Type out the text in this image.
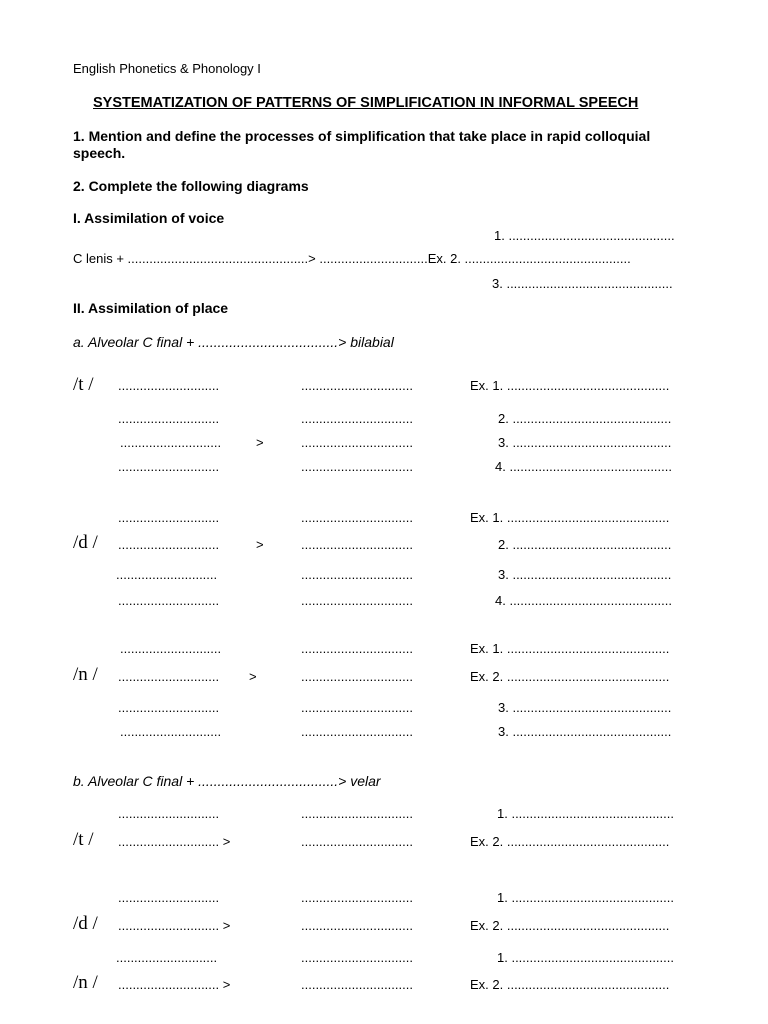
English Phonetics & Phonology I
SYSTEMATIZATION OF PATTERNS OF SIMPLIFICATION IN INFORMAL SPEECH
1. Mention and define the processes of simplification that take place in rapid colloquial
speech.
2. Complete the following diagrams
I. Assimilation of voice
1. ..............................................
C lenis + ..................................................> ..............................Ex. 2. ..............................................
3. ..............................................
II. Assimilation of place
a. Alveolar C final + ....................................> bilabial
/t / ............................	...............................	Ex. 1. .............................................
............................	...............................	2. ............................................
............................	>	...............................	3. ............................................
............................	...............................	4. .............................................
............................	...............................	Ex. 1. .............................................
/d / ............................	>	...............................	2. ............................................
............................	...............................	3. ............................................
............................	...............................	4. .............................................
............................	...............................	Ex. 1. .............................................
/n / ............................ >	...............................	Ex. 2. .............................................
............................	...............................	3. ............................................
............................	...............................	3. ............................................
b. Alveolar C final + ....................................> velar
............................	...............................	1. .............................................
/t / ............................ >	...............................	Ex. 2. .............................................
............................	...............................	1. .............................................
/d / ............................ >	...............................	Ex. 2. .............................................
............................	...............................	1. .............................................
/n / ............................ >	...............................	Ex. 2. .............................................
